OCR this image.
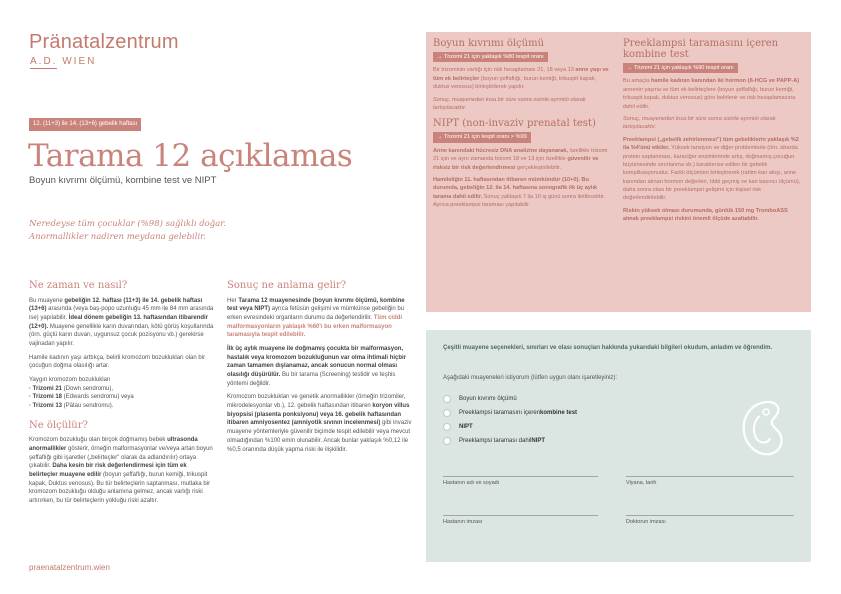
Pränatalzentrum
A.D. WIEN
12. (11+3) ile 14. (13+6) gebelik haftası
Tarama 12 açıklamas
Boyun kıvrımı ölçümü, kombine test ve NIPT
Neredeyse tüm çocuklar (%98) sağlıklı doğar. Anormallikler nadiren meydana gelebilir.
Ne zaman ve nasıl?

Bu muayene gebeliğin 12. haftası (11+3) ile 14. gebelik haftası (13+6) arasında (veya baş-popo uzunluğu 45 mm ile 84 mm arasında ise) yapılabilir. İdeal dönem gebeliğin 13. haftasından itibarendir (12+0). Muayene genellikle karın duvarından, kötü görüş koşullarında (örn. güçlü karın duvarı, uygunsuz çocuk pozisyonu vb.) gerekirse vajinadan yapılır.

Hamile kadının yaşı arttıkça, belirli kromozom bozuklukları olan bir çocuğun doğma olasılığı artar.

Yaygın kromozom bozuklukları
· Trizomi 21 (Down sendromu),
· Trizomi 18 (Edwards sendromu) veya
· Trizomi 13 (Pätau sendromu).

Ne ölçülür?

Kromozom bozukluğu olan birçok doğmamış bebek ultrasonda anormallikler gösterir, örneğin malformasyonlar ve/veya artan boyun şeffaflığı gibi işaretler („belirteçler" olarak da adlandırılır) ortaya çıkabilir. Daha kesin bir risk değerlendirmesi için tüm ek belirteçler muayene edilir (boyun şeffaflığı, burun kemiği, trikuspit kapak, Duktus venosus). Bu tür belirteçlerin saptanması, mutlaka bir kromozom bozukluğu olduğu anlamına gelmez, ancak varlığı riski artırırken, bu tür belirteçlerin yokluğu riski azaltır.

Sonuç ne anlama gelir?

Her Tarama 12 muayenesinde (boyun kıvrımı ölçümü, kombine test veya NIPT) ayrıca fetüsün gelişimi ve mümkünse gebeliğin bu erken evresindeki organların durumu da değerlendirilir. Tüm ciddi malformasyonların yaklaşık %60'ı bu erken malformasyon taramasıyla tespit edilebilir.

İlk üç aylık muayene ile doğmamış çocukta bir malformasyon, hastalık veya kromozom bozukluğunun var olma ihtimali hiçbir zaman tamamen dışlanamaz, ancak sonucun normal olması olasılığı düşürülür. Bu bir tarama (Screening) testidir ve teşhis yöntemi değildir.

Kromozom bozuklukları ve genetik anormallikler (örneğin trizomiler, mikrodelesyonlar vb.), 12. gebelik haftasından itibaren koryon villus biyopsisi (plasenta ponksiyonu) veya 16. gebelik haftasından itibaren amniyosentez (amniyotik sıvının incelenmesi) gibi invaziv muayene yöntemleriyle güvenilir biçimde tespit edilebilir veya mevcut olmadığından %100 emin olunabilir. Ancak bunlar yaklaşık %0,12 ile %0,5 oranında düşük yapma riski ile ilişkilidir.

praenatalzentrum.wien
Boyun kıvrımı ölçümü
→ Trizomi 21 için yaklaşık %80 tespit oranı

Bir trizominin varlığı için risk hesaplaması 21, 18 veya 13 anne yaşı ve tüm ek belirteçler (boyun şeffaflığı, burun kemiği, trikuspit kapak, duktus venosus) birleştirilerek yapılır.

Sonuç, muayeneden kısa bir süre sonra sizinle ayrıntılı olarak tartışılacaktır.

NIPT (non-invaziv prenatal test)
→ Trizomi 21 için tespit oranı > %99

Anne kanındaki hücresiz DNA analizine dayanarak, özellikle trizomi 21 için ve aynı zamanda trizomi 18 ve 13 için özellikle güvenilir ve risksiz bir risk değerlendirmesi gerçekleştirilebilir.

Hamileliğin 11. haftasından itibaren mümkündür (10+0). Bu durumda, gebeliğin 12. ila 14. haftasına sonografik ilk üç aylık tarama dahil edilir. Sonuç yaklaşık 7 ila 10 iş günü sonra iletilecektir. Ayrıca preeklampsi taraması yapılabilir.

Preeklampsi taramasını içeren kombine test
→ Trizomi 21 için yaklaşık %90 tespit oranı

Bu amaçla hamile kadının kanından iki hormon (ß-HCG ve PAPP-A) annenin yaşına ve tüm ek belirteçlere (boyun şeffaflığı, burun kemiği, trikuspit kapak, duktus venosus) göre belirlenir ve risk hesaplamasına dahil edilir.

Sonuç, muayeneden kısa bir süre sonra sizinle ayrıntılı olarak tartışılacaktır.

Preeklampsi („gebelik zehirlenmesi") tüm gebeliklerin yaklaşık %2 ila %4'ünü etkiler. Yüksek tansiyon ve diğer problemlerle (örn. idrarda protein saptanması, karaciğer enzimlerinde artış, doğmamış çocuğun büyümesinde sınırlanma vb.) karakterize edilen bir gebelik komplikasyonudur. Farklı ölçümleri birleştirerek (rahim kan akışı, anne kanından alınan hormon değerleri, tıbbi geçmiş ve kan basıncı ölçümü), daha sonra olası bir preeklampsi gelişimi için kişisel risk değerlendirilebilir.

Riskin yüksek olması durumunda, günlük 150 mg TromboASS almak preeklampsi riskini önemli ölçüde azaltabilir.

Çeşitli muayene seçenekleri, sınırları ve olası sonuçları hakkında yukarıdaki bilgileri okudum, anladım ve öğrendim.
Aşağıdaki muayeneleri istiyorum (lütfen uygun olanı işaretleyiniz):
Boyun kıvrımı ölçümü
Preeklampsi taramasını içeren kombine test
NIPT
Preeklampsi taraması dahil NIPT
Hastanın adı ve soyadı	Viyana, tarih
Hastanın imzası	Doktorun imzası
